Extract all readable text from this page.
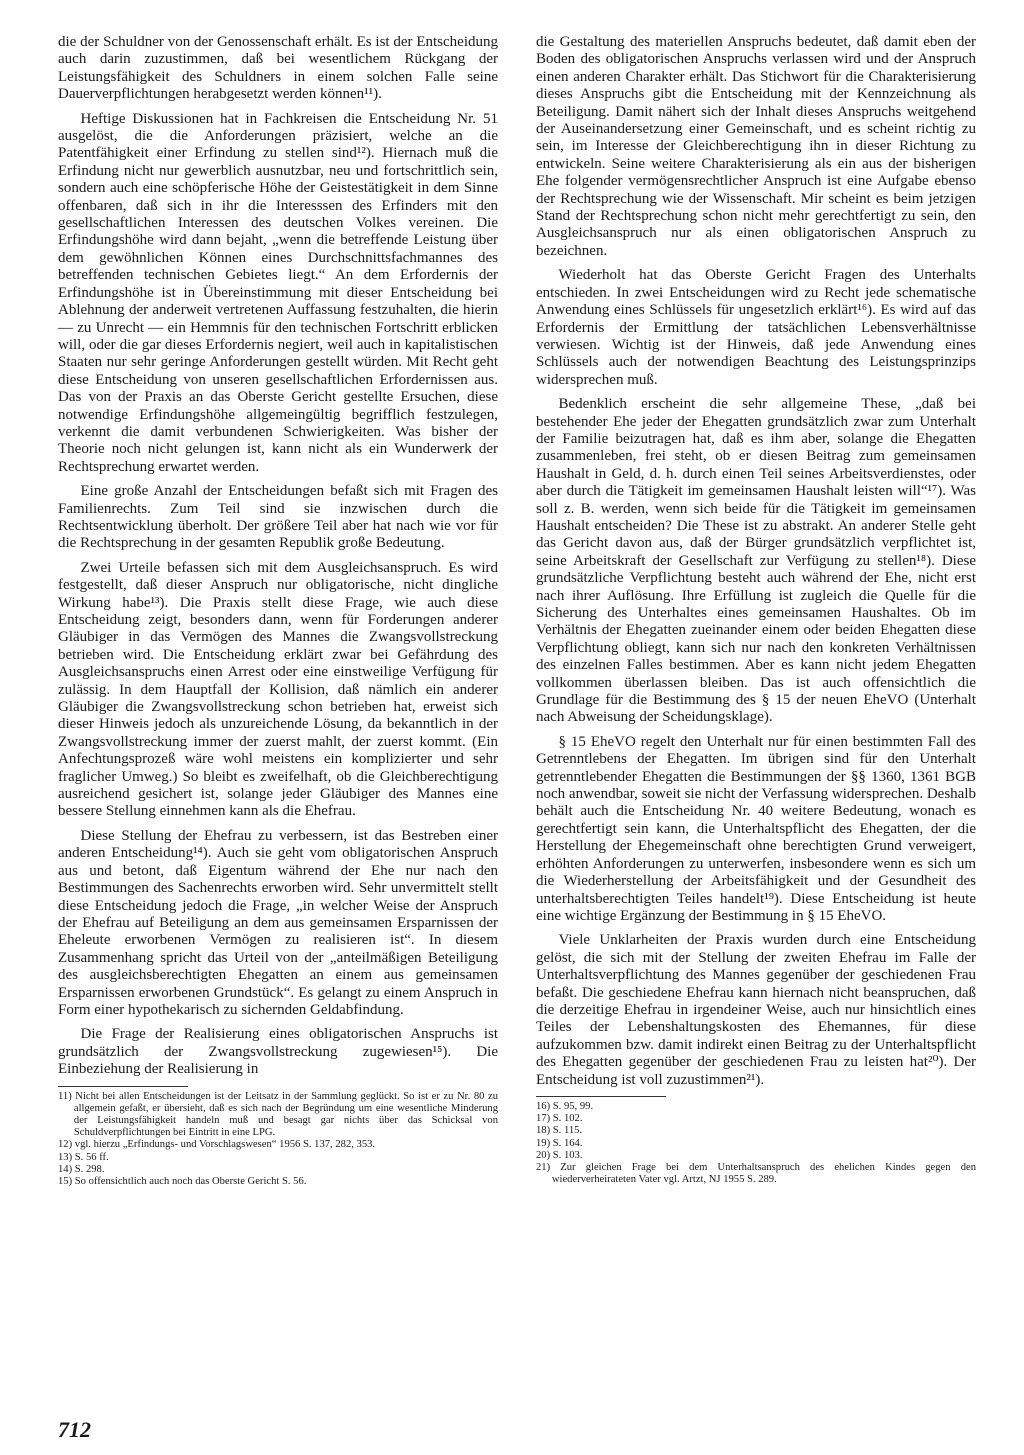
die der Schuldner von der Genossenschaft erhält. Es ist der Entscheidung auch darin zuzustimmen, daß bei wesentlichem Rückgang der Leistungsfähigkeit des Schuldners in einem solchen Falle seine Dauerverpflichtungen herabgesetzt werden können¹¹).

Heftige Diskussionen hat in Fachkreisen die Entscheidung Nr. 51 ausgelöst, die die Anforderungen präzisiert, welche an die Patentfähigkeit einer Erfindung zu stellen sind¹²). Hiernach muß die Erfindung nicht nur gewerblich ausnutzbar, neu und fortschrittlich sein, sondern auch eine schöpferische Höhe der Geistestätigkeit in dem Sinne offenbaren, daß sich in ihr die Interesssen des Erfinders mit den gesellschaftlichen Interessen des deutschen Volkes vereinen. Die Erfindungshöhe wird dann bejaht, „wenn die betreffende Leistung über dem gewöhnlichen Können eines Durchschnittsfachmannes des betreffenden technischen Gebietes liegt.“ An dem Erfordernis der Erfindungshöhe ist in Übereinstimmung mit dieser Entscheidung bei Ablehnung der anderweit vertretenen Auffassung festzuhalten, die hierin — zu Unrecht — ein Hemmnis für den technischen Fortschritt erblicken will, oder die gar dieses Erfordernis negiert, weil auch in kapitalistischen Staaten nur sehr geringe Anforderungen gestellt würden. Mit Recht geht diese Entscheidung von unseren gesellschaftlichen Erfordernissen aus. Das von der Praxis an das Oberste Gericht gestellte Ersuchen, diese notwendige Erfindungshöhe allgemeingültig begrifflich festzulegen, verkennt die damit verbundenen Schwierigkeiten. Was bisher der Theorie noch nicht gelungen ist, kann nicht als ein Wunderwerk der Rechtsprechung erwartet werden.

Eine große Anzahl der Entscheidungen befaßt sich mit Fragen des Familienrechts. Zum Teil sind sie inzwischen durch die Rechtsentwicklung überholt. Der größere Teil aber hat nach wie vor für die Rechtsprechung in der gesamten Republik große Bedeutung.

Zwei Urteile befassen sich mit dem Ausgleichsanspruch. Es wird festgestellt, daß dieser Anspruch nur obligatorische, nicht dingliche Wirkung habe¹³). Die Praxis stellt diese Frage, wie auch diese Entscheidung zeigt, besonders dann, wenn für Forderungen anderer Gläubiger in das Vermögen des Mannes die Zwangsvollstreckung betrieben wird. Die Entscheidung erklärt zwar bei Gefährdung des Ausgleichsanspruchs einen Arrest oder eine einstweilige Verfügung für zulässig. In dem Hauptfall der Kollision, daß nämlich ein anderer Gläubiger die Zwangsvollstreckung schon betrieben hat, erweist sich dieser Hinweis jedoch als unzureichende Lösung, da bekanntlich in der Zwangsvollstreckung immer der zuerst mahlt, der zuerst kommt. (Ein Anfechtungsprozeß wäre wohl meistens ein komplizierter und sehr fraglicher Umweg.) So bleibt es zweifelhaft, ob die Gleichberechtigung ausreichend gesichert ist, solange jeder Gläubiger des Mannes eine bessere Stellung einnehmen kann als die Ehefrau.

Diese Stellung der Ehefrau zu verbessern, ist das Bestreben einer anderen Entscheidung¹⁴). Auch sie geht vom obligatorischen Anspruch aus und betont, daß Eigentum während der Ehe nur nach den Bestimmungen des Sachenrechts erworben wird. Sehr unvermittelt stellt diese Entscheidung jedoch die Frage, „in welcher Weise der Anspruch der Ehefrau auf Beteiligung an dem aus gemeinsamen Ersparnissen der Eheleute erworbenen Vermögen zu realisieren ist“. In diesem Zusammenhang spricht das Urteil von der „anteilmäßigen Beteiligung des ausgleichsberechtigten Ehegatten an einem aus gemeinsamen Ersparnissen erworbenen Grundstück“. Es gelangt zu einem Anspruch in Form einer hypothekarisch zu sichernden Geldabfindung.

Die Frage der Realisierung eines obligatorischen Anspruchs ist grundsätzlich der Zwangsvollstreckung zugewiesen¹⁵). Die Einbeziehung der Realisierung in

11) Nicht bei allen Entscheidungen ist der Leitsatz in der Sammlung geglückt. So ist er zu Nr. 80 zu allgemein gefaßt, er übersieht, daß es sich nach der Begründung um eine wesentliche Minderung der Leistungsfähigkeit handeln muß und besagt gar nichts über das Schicksal von Schuldverpflichtungen bei Eintritt in eine LPG.

12) vgl. hierzu „Erfindungs- und Vorschlagswesen“ 1956 S. 137, 282, 353.

13) S. 56 ff.

14) S. 298.

15) So offensichtlich auch noch das Oberste Gericht S. 56.

die Gestaltung des materiellen Anspruchs bedeutet, daß damit eben der Boden des obligatorischen Anspruchs verlassen wird und der Anspruch einen anderen Charakter erhält. Das Stichwort für die Charakterisierung dieses Anspruchs gibt die Entscheidung mit der Kennzeichnung als Beteiligung. Damit nähert sich der Inhalt dieses Anspruchs weitgehend der Auseinandersetzung einer Gemeinschaft, und es scheint richtig zu sein, im Interesse der Gleichberechtigung ihn in dieser Richtung zu entwickeln. Seine weitere Charakterisierung als ein aus der bisherigen Ehe folgender vermögensrechtlicher Anspruch ist eine Aufgabe ebenso der Rechtsprechung wie der Wissenschaft. Mir scheint es beim jetzigen Stand der Rechtsprechung schon nicht mehr gerechtfertigt zu sein, den Ausgleichsanspruch nur als einen obligatorischen Anspruch zu bezeichnen.

Wiederholt hat das Oberste Gericht Fragen des Unterhalts entschieden. In zwei Entscheidungen wird zu Recht jede schematische Anwendung eines Schlüssels für ungesetzlich erklärt¹⁶). Es wird auf das Erfordernis der Ermittlung der tatsächlichen Lebensverhältnisse verwiesen. Wichtig ist der Hinweis, daß jede Anwendung eines Schlüssels auch der notwendigen Beachtung des Leistungsprinzips widersprechen muß.

Bedenklich erscheint die sehr allgemeine These, „daß bei bestehender Ehe jeder der Ehegatten grundsätzlich zwar zum Unterhalt der Familie beizutragen hat, daß es ihm aber, solange die Ehegatten zusammenleben, frei steht, ob er diesen Beitrag zum gemeinsamen Haushalt in Geld, d. h. durch einen Teil seines Arbeitsverdienstes, oder aber durch die Tätigkeit im gemeinsamen Haushalt leisten will“¹⁷). Was soll z. B. werden, wenn sich beide für die Tätigkeit im gemeinsamen Haushalt entscheiden? Die These ist zu abstrakt. An anderer Stelle geht das Gericht davon aus, daß der Bürger grundsätzlich verpflichtet ist, seine Arbeitskraft der Gesellschaft zur Verfügung zu stellen¹⁸). Diese grundsätzliche Verpflichtung besteht auch während der Ehe, nicht erst nach ihrer Auflösung. Ihre Erfüllung ist zugleich die Quelle für die Sicherung des Unterhaltes eines gemeinsamen Haushaltes. Ob im Verhältnis der Ehegatten zueinander einem oder beiden Ehegatten diese Verpflichtung obliegt, kann sich nur nach den konkreten Verhältnissen des einzelnen Falles bestimmen. Aber es kann nicht jedem Ehegatten vollkommen überlassen bleiben. Das ist auch offensichtlich die Grundlage für die Bestimmung des § 15 der neuen EheVO (Unterhalt nach Abweisung der Scheidungsklage).

§ 15 EheVO regelt den Unterhalt nur für einen bestimmten Fall des Getrenntlebens der Ehegatten. Im übrigen sind für den Unterhalt getrenntlebender Ehegatten die Bestimmungen der §§ 1360, 1361 BGB noch anwendbar, soweit sie nicht der Verfassung widersprechen. Deshalb behält auch die Entscheidung Nr. 40 weitere Bedeutung, wonach es gerechtfertigt sein kann, die Unterhaltspflicht des Ehegatten, der die Herstellung der Ehegemeinschaft ohne berechtigten Grund verweigert, erhöhten Anforderungen zu unterwerfen, insbesondere wenn es sich um die Wiederherstellung der Arbeitsfähigkeit und der Gesundheit des unterhaltsberechtigten Teiles handelt¹⁹). Diese Entscheidung ist heute eine wichtige Ergänzung der Bestimmung in § 15 EheVO.

Viele Unklarheiten der Praxis wurden durch eine Entscheidung gelöst, die sich mit der Stellung der zweiten Ehefrau im Falle der Unterhaltsverpflichtung des Mannes gegenüber der geschiedenen Frau befaßt. Die geschiedene Ehefrau kann hiernach nicht beanspruchen, daß die derzeitige Ehefrau in irgendeiner Weise, auch nur hinsichtlich eines Teiles der Lebenshaltungskosten des Ehemannes, für diese aufzukommen bzw. damit indirekt einen Beitrag zu der Unterhaltspflicht des Ehegatten gegenüber der geschiedenen Frau zu leisten hat²⁰). Der Entscheidung ist voll zuzustimmen²¹).

16) S. 95, 99.

17) S. 102.

18) S. 115.

19) S. 164.

20) S. 103.

21) Zur gleichen Frage bei dem Unterhaltsanspruch des ehelichen Kindes gegen den wiederverheirateten Vater vgl. Artzt, NJ 1955 S. 289.

712
